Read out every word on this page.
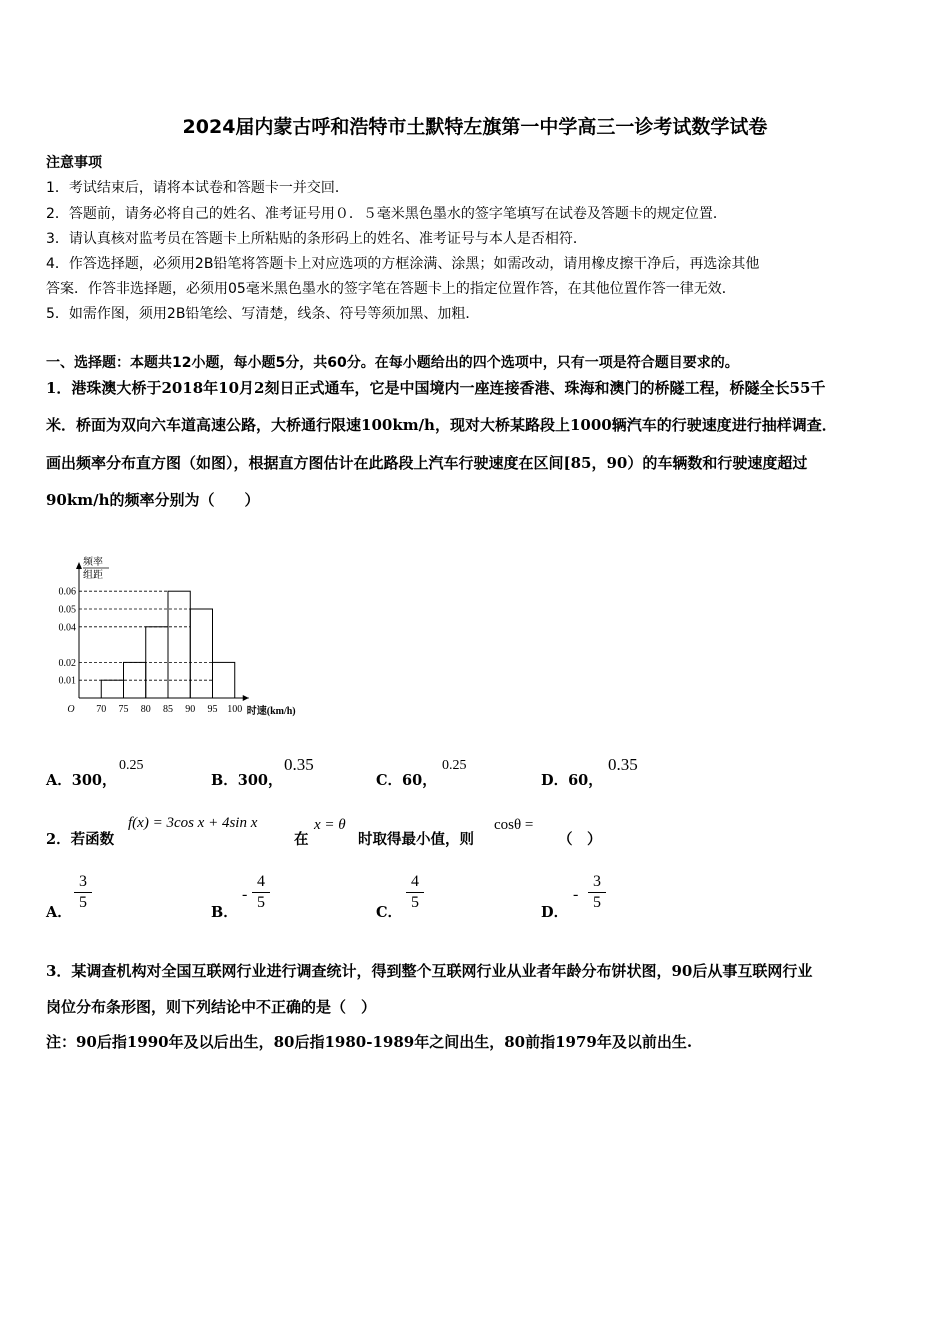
2024届内蒙古呼和浩特市土默特左旗第一中学高三一诊考试数学试卷
注意事项
1．考试结束后，请将本试卷和答题卡一并交回．
2．答题前，请务必将自己的姓名、准考证号用０．５毫米黑色墨水的签字笔填写在试卷及答题卡的规定位置．
3．请认真核对监考员在答题卡上所粘贴的条形码上的姓名、准考证号与本人是否相符．
4．作答选择题，必须用2B铅笔将答题卡上对应选项的方框涂满、涂黑；如需改动，请用橡皮擦干净后，再选涂其他
答案．作答非选择题，必须用05毫米黑色墨水的签字笔在答题卡上的指定位置作答，在其他位置作答一律无效．
5．如需作图，须用2B铅笔绘、写清楚，线条、符号等须加黑、加粗．
一、选择题：本题共12小题，每小题5分，共60分。在每小题给出的四个选项中，只有一项是符合题目要求的。
1．港珠澳大桥于2018年10月2刻日正式通车，它是中国境内一座连接香港、珠海和澳门的桥隧工程，桥隧全长55千
米．桥面为双向六车道高速公路，大桥通行限速100km/h，现对大桥某路段上1000辆汽车的行驶速度进行抽样调查．
画出频率分布直方图（如图），根据直方图估计在此路段上汽车行驶速度在区间[85，90）的车辆数和行驶速度超过
90km/h的频率分别为（　　）
频率
组距
0.06
0.05
0.04
0.02
0.01
70 75 80 85 90 95 100
O	时速(km/h)
A．300，
0.25
B．300，
0.35
C．60，
0.25
D．60，
0.35
2．若函数
f(x) = 3cos x + 4sin x
在
x = θ
时取得最小值，则
cosθ =
（　）
A．
3
5
B．
-
4
5
C．
4
5
D．
-
3
5
3．某调查机构对全国互联网行业进行调查统计，得到整个互联网行业从业者年龄分布饼状图，90后从事互联网行业
岗位分布条形图，则下列结论中不正确的是（　）
注：90后指1990年及以后出生，80后指1980-1989年之间出生，80前指1979年及以前出生.
